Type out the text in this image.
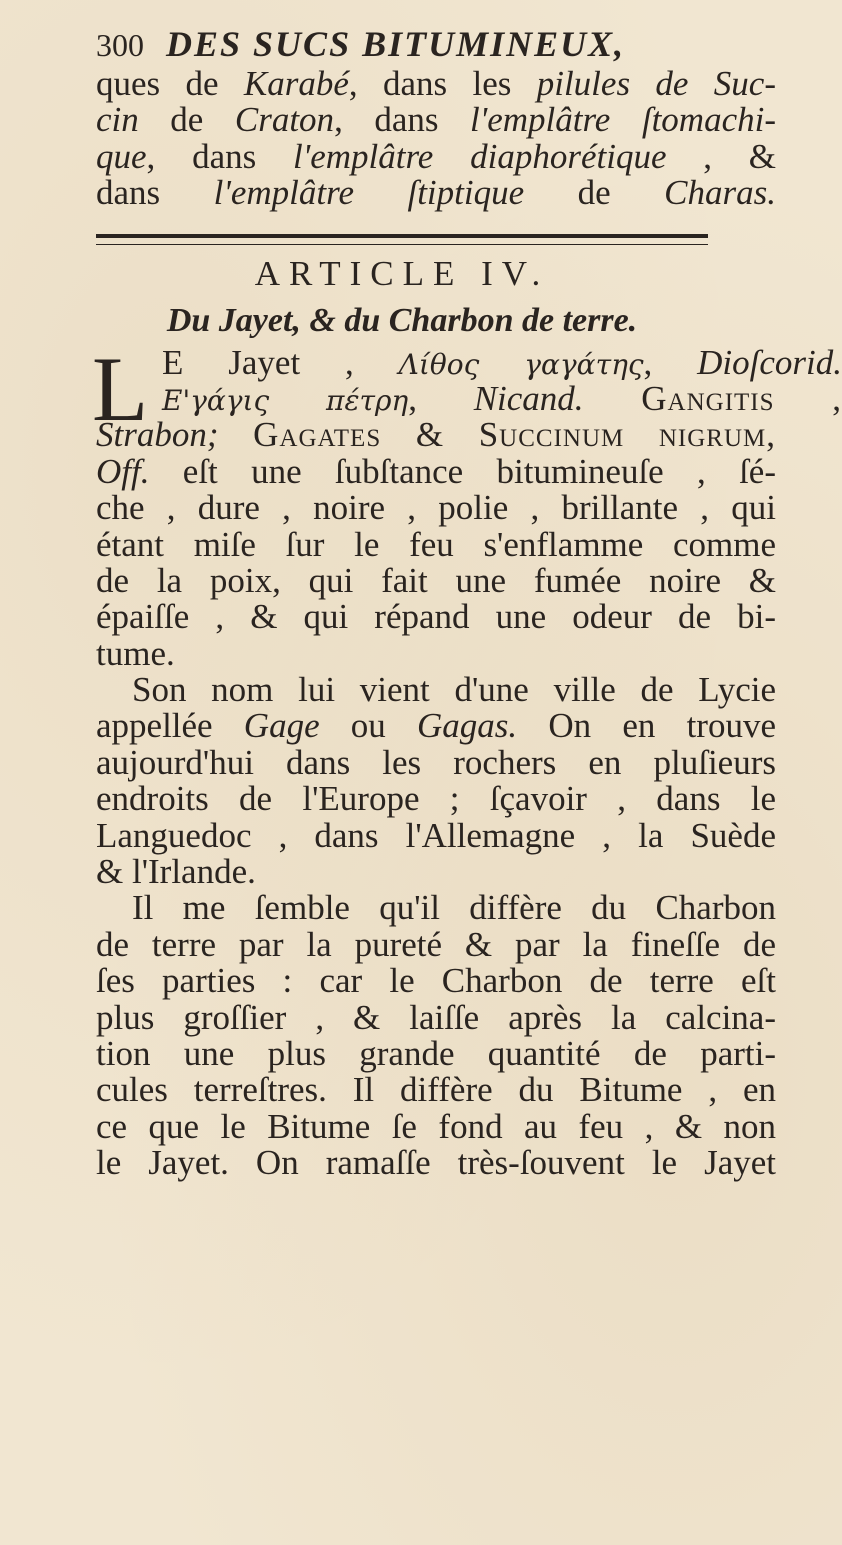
300 DES SUCS BITUMINEUX,
ques de Karabé, dans les pilules de Suc-
cin de Craton, dans l'emplâtre ſtomachi-
que, dans l'emplâtre diaphorétique , &
dans l'emplâtre ſtiptique de Charas.
ARTICLE IV.
Du Jayet, & du Charbon de terre.
L E Jayet , Λίθος γαγάτης, Dioſcorid.
Ε'γάγις πέτρη, Nicand. Gangitis ,
Strabon; Gagates & Succinum nigrum,
Off. eſt une ſubſtance bitumineuſe , ſé-
che , dure , noire , polie , brillante , qui
étant miſe ſur le feu s'enflamme comme
de la poix, qui fait une fumée noire &
épaiſſe , & qui répand une odeur de bi-
tume.
Son nom lui vient d'une ville de Lycie
appellée Gage ou Gagas. On en trouve
aujourd'hui dans les rochers en pluſieurs
endroits de l'Europe ; ſçavoir , dans le
Languedoc , dans l'Allemagne , la Suède
& l'Irlande.
Il me ſemble qu'il diffère du Charbon
de terre par la pureté & par la fineſſe de
ſes parties : car le Charbon de terre eſt
plus groſſier , & laiſſe après la calcina-
tion une plus grande quantité de parti-
cules terreſtres. Il diffère du Bitume , en
ce que le Bitume ſe fond au feu , & non
le Jayet. On ramaſſe très-ſouvent le Jayet
